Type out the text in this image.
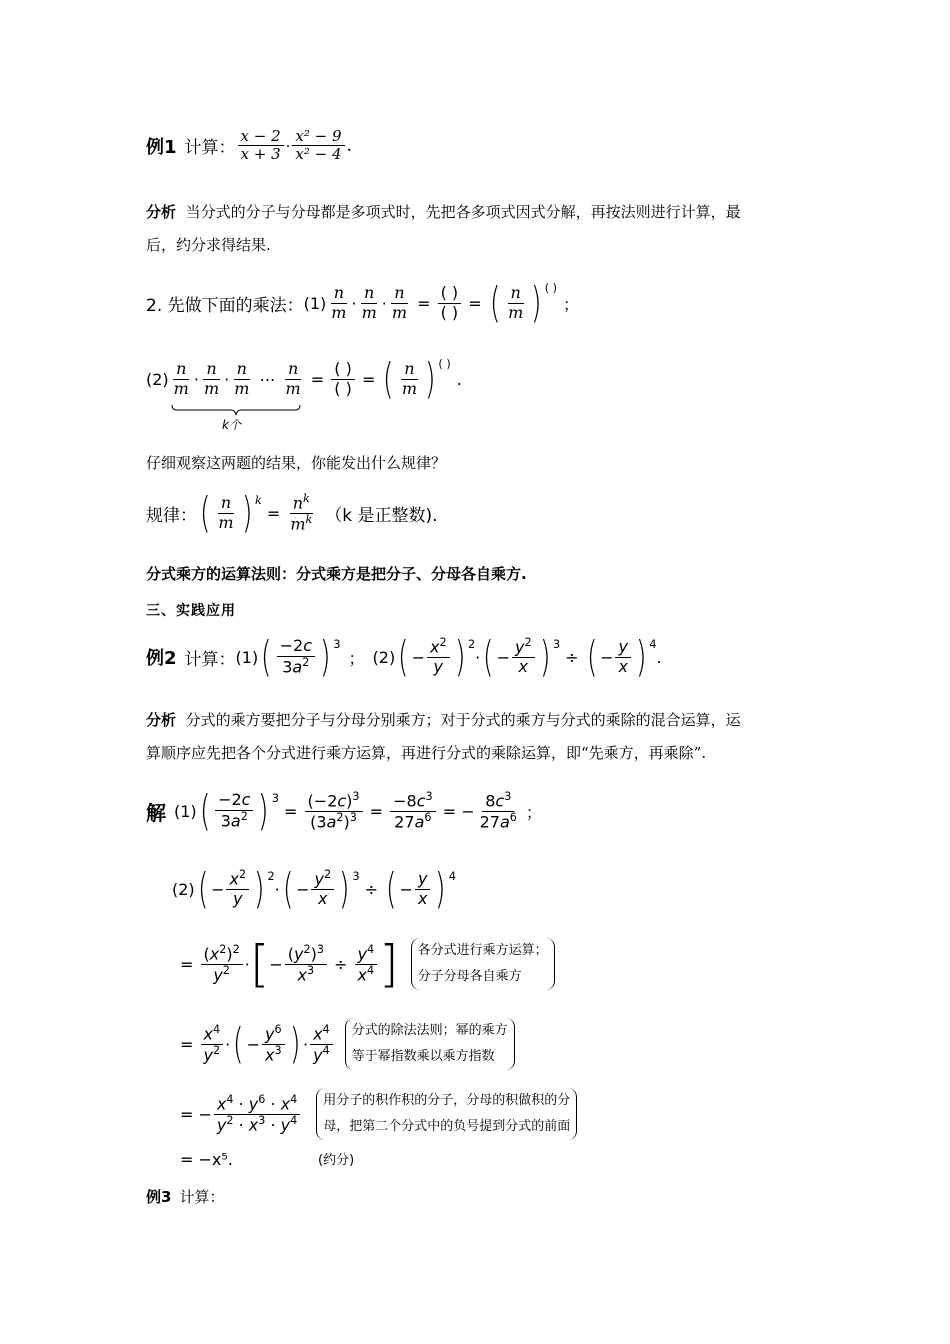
例1 计算： $\frac{x - 2}{x + 3} \cdot \frac{\text{x² − 9}}{\text{x² − 4}}$ .
分析 当分式的分子与分母都是多项式时，先把各多项式因式分解，再按法则进行计算，最
后，约分求得结果.
2. 先做下面的乘法： $(1) \frac{n}{m} \cdot \frac{n}{m} \cdot \frac{n}{m} = \frac{( )}{( )}$ = ( $\frac{n}{m}$ ) ( )
；
$(2) \frac{n}{m} \cdot \frac{n}{m} \cdot \frac{n}{m}$ ⋯ $\frac{n}{m} = \frac{( )}{( )}$ = ( $\frac{n}{m}$ ) ( )
.
k个
仔细观察这两题的结果，你能发出什么规律？
规律： ( $\frac{n}{m}$ ) $^k$
= $\frac{n^k}{m^k} (k$ 是正整数).
分式乘方的运算法则：分式乘方是把分子、分母各自乘方.
三、实践应用
例2 计算： (1) ( $\frac{-2c}{3a^2}$ ) $^3$
； (2) ( − $\frac{x^2}{y}$ ) $^2$
· ( − $\frac{y^2}{x}$ ) $^3$
÷ ( − $\frac{y}{x}$ ) $^4$
.
分析 分式的乘方要把分子与分母分别乘方；对于分式的乘方与分式的乘除的混合运算，运
算顺序应先把各个分式进行乘方运算，再进行分式的乘除运算，即“先乘方，再乘除”.
解 (1) ( $\frac{-2c}{3a^2}$ ) $^3$
= $\frac{(-2c)^3}{(3a^2)^3} = \frac{-8c^3}{27a^6}$ = − $\frac{8c^3}{27a^6}$ ；
(2) ( − $\frac{x^2}{y}$ ) $^2$
· ( − $\frac{y^2}{x}$ ) $^3$
÷ ( − $\frac{y}{x}$ ) $^4$
= $\frac{(x^2)^2}{y^2}$ · [ − $\frac{(y^2)^3}{x^3} \div \frac{y^4}{x^4}$ ]	各分式进行乘方运算；
分子分母各自乘方
= $\frac{x^4}{y^2}$ · ( − $\frac{y^6}{x^3}$ ) · $\frac{x^4}{y^4}$	分式的除法法则；幂的乘方
等于幂指数乘以乘方指数
= − $\frac{x^4 \cdot y^6 \cdot x^4}{y^2 \cdot x^3 \cdot y^4}$	用分子的积作积的分子，分母的积做积的分
母，把第二个分式中的负号提到分式的前面
= −x⁵.	(约分)
例3 计算：
